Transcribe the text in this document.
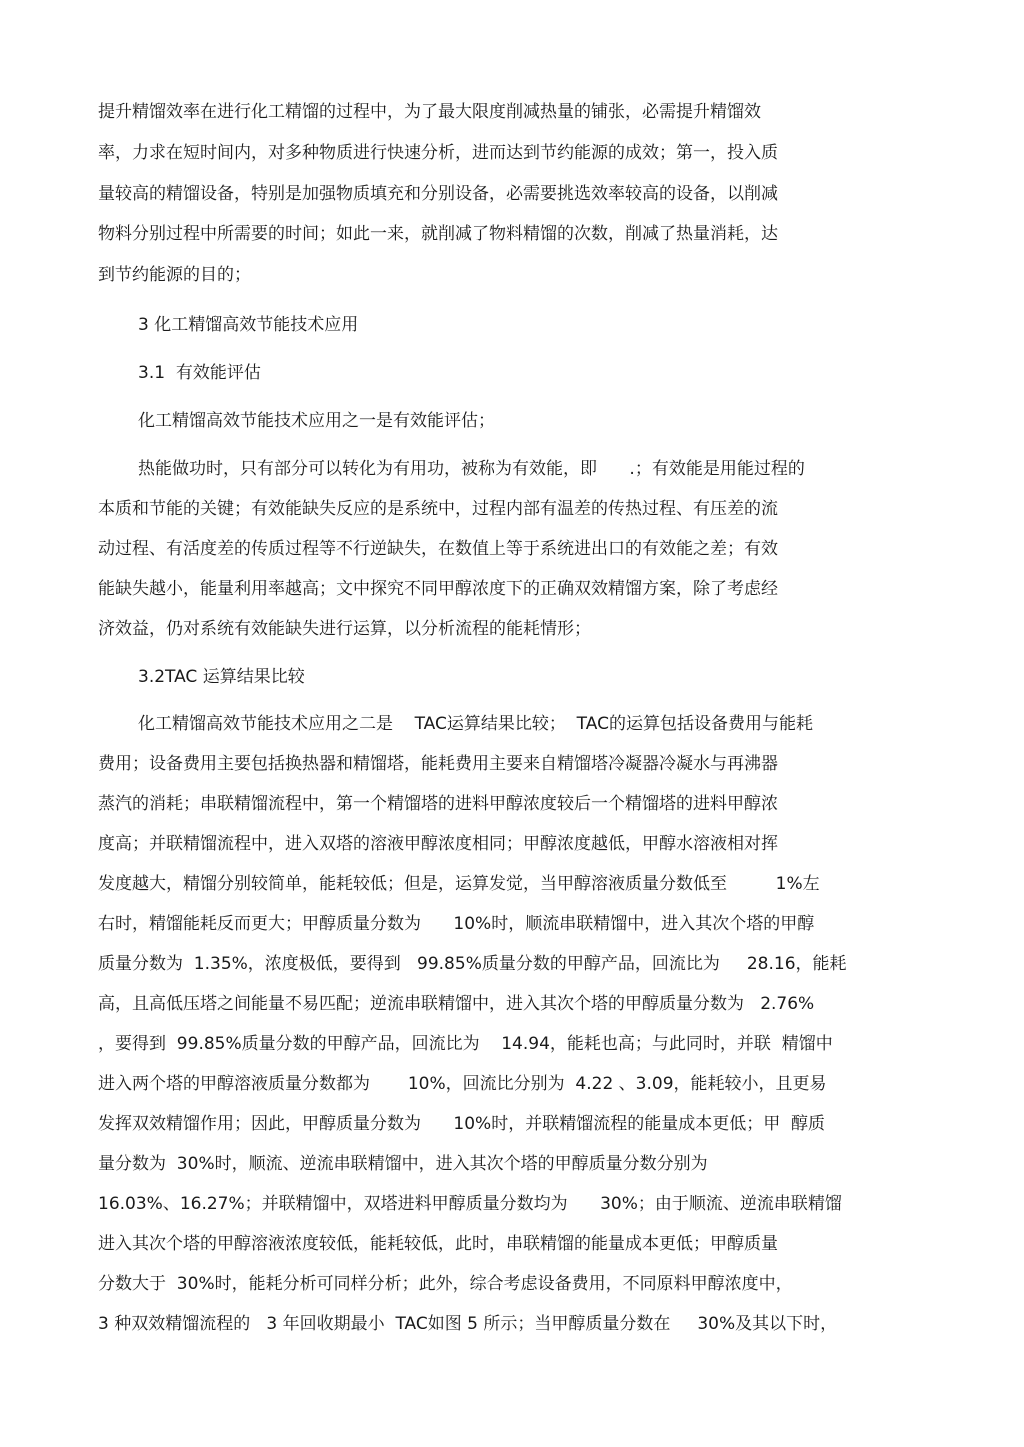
提升精馏效率在进行化工精馏的过程中，为了最大限度削减热量的铺张，必需提升精馏效
率，力求在短时间内，对多种物质进行快速分析，进而达到节约能源的成效；第一，投入质
量较高的精馏设备，特别是加强物质填充和分别设备，必需要挑选效率较高的设备，以削减
物料分别过程中所需要的时间；如此一来，就削减了物料精馏的次数，削减了热量消耗，达
到节约能源的目的；
3 化工精馏高效节能技术应用
3.1  有效能评估
化工精馏高效节能技术应用之一是有效能评估；
热能做功时，只有部分可以转化为有用功，被称为有效能，即      .；有效能是用能过程的
本质和节能的关键；有效能缺失反应的是系统中，过程内部有温差的传热过程、有压差的流
动过程、有活度差的传质过程等不行逆缺失，在数值上等于系统进出口的有效能之差；有效
能缺失越小，能量利用率越高；文中探究不同甲醇浓度下的正确双效精馏方案，除了考虑经
济效益，仍对系统有效能缺失进行运算，以分析流程的能耗情形；
3.2TAC 运算结果比较
化工精馏高效节能技术应用之二是    TAC运算结果比较；  TAC的运算包括设备费用与能耗
费用；设备费用主要包括换热器和精馏塔，能耗费用主要来自精馏塔冷凝器冷凝水与再沸器
蒸汽的消耗；串联精馏流程中，第一个精馏塔的进料甲醇浓度较后一个精馏塔的进料甲醇浓
度高；并联精馏流程中，进入双塔的溶液甲醇浓度相同；甲醇浓度越低，甲醇水溶液相对挥
发度越大，精馏分别较简单，能耗较低；但是，运算发觉，当甲醇溶液质量分数低至         1%左
右时，精馏能耗反而更大；甲醇质量分数为      10%时，顺流串联精馏中，进入其次个塔的甲醇
质量分数为  1.35%，浓度极低，要得到   99.85%质量分数的甲醇产品，回流比为     28.16，能耗
高，且高低压塔之间能量不易匹配；逆流串联精馏中，进入其次个塔的甲醇质量分数为   2.76%
，要得到  99.85%质量分数的甲醇产品，回流比为    14.94，能耗也高；与此同时，并联  精馏中
进入两个塔的甲醇溶液质量分数都为       10%，回流比分别为  4.22 、3.09，能耗较小，且更易
发挥双效精馏作用；因此，甲醇质量分数为      10%时，并联精馏流程的能量成本更低；甲  醇质
量分数为  30%时，顺流、逆流串联精馏中，进入其次个塔的甲醇质量分数分别为
16.03%、16.27%；并联精馏中，双塔进料甲醇质量分数均为      30%；由于顺流、逆流串联精馏
进入其次个塔的甲醇溶液浓度较低，能耗较低，此时，串联精馏的能量成本更低；甲醇质量
分数大于  30%时，能耗分析可同样分析；此外，综合考虑设备费用，不同原料甲醇浓度中，
3 种双效精馏流程的   3 年回收期最小  TAC如图 5 所示；当甲醇质量分数在     30%及其以下时，
